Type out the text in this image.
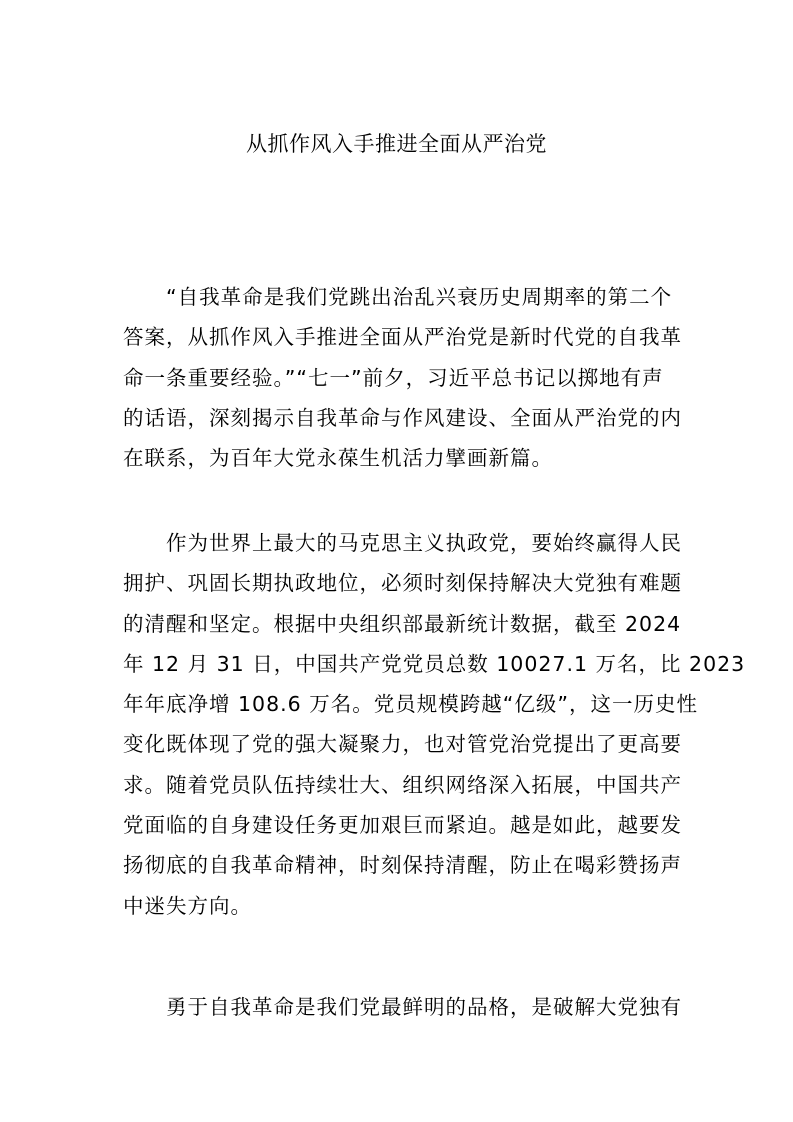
从抓作风入手推进全面从严治党

　　“自我革命是我们党跳出治乱兴衰历史周期率的第二个
答案，从抓作风入手推进全面从严治党是新时代党的自我革
命一条重要经验。”“七一”前夕，习近平总书记以掷地有声
的话语，深刻揭示自我革命与作风建设、全面从严治党的内
在联系，为百年大党永葆生机活力擘画新篇。

　　作为世界上最大的马克思主义执政党，要始终赢得人民
拥护、巩固长期执政地位，必须时刻保持解决大党独有难题
的清醒和坚定。根据中央组织部最新统计数据，截至 2024
年 12 月 31 日，中国共产党党员总数 10027.1 万名，比 2023
年年底净增 108.6 万名。党员规模跨越“亿级”，这一历史性
变化既体现了党的强大凝聚力，也对管党治党提出了更高要
求。随着党员队伍持续壮大、组织网络深入拓展，中国共产
党面临的自身建设任务更加艰巨而紧迫。越是如此，越要发
扬彻底的自我革命精神，时刻保持清醒，防止在喝彩赞扬声
中迷失方向。

　　勇于自我革命是我们党最鲜明的品格，是破解大党独有
